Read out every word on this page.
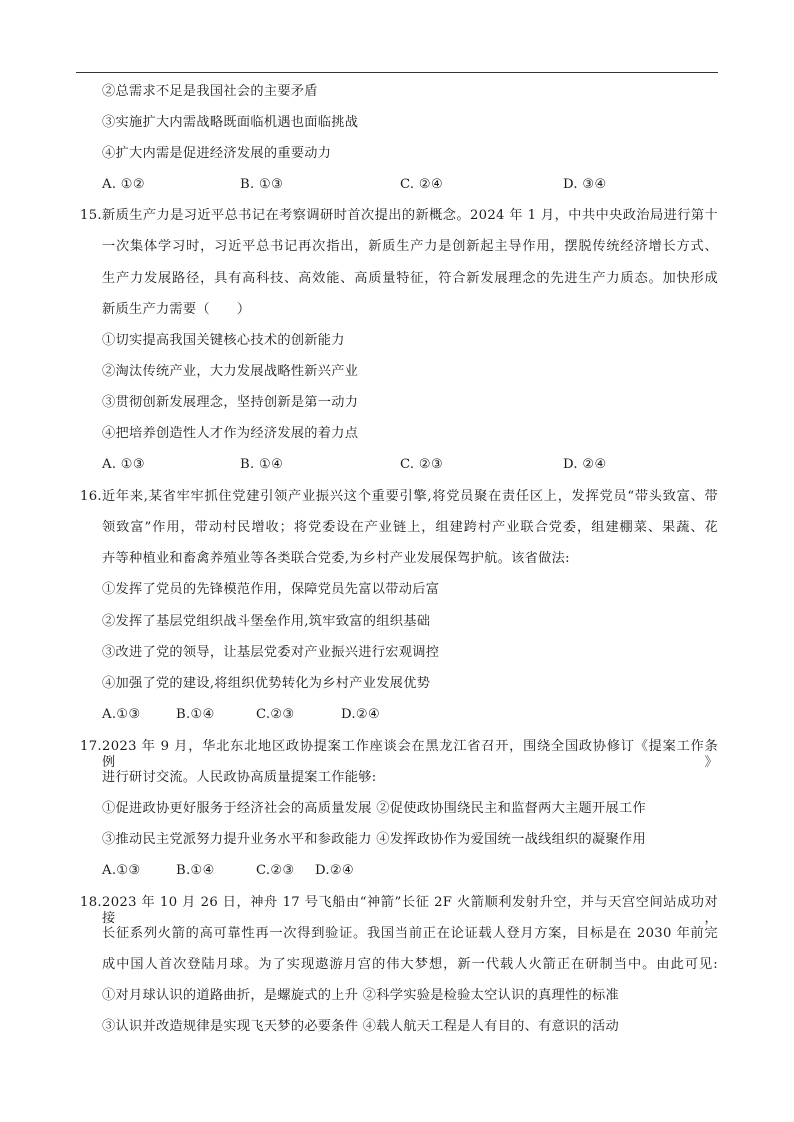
②总需求不足是我国社会的主要矛盾
③实施扩大内需战略既面临机遇也面临挑战
④扩大内需是促进经济发展的重要动力
A. ①②	B. ①③	C. ②④	D. ③④
15. 新质生产力是习近平总书记在考察调研时首次提出的新概念。2024 年 1 月，中共中央政治局进行第十
一次集体学习时，习近平总书记再次指出，新质生产力是创新起主导作用，摆脱传统经济增长方式、
生产力发展路径，具有高科技、高效能、高质量特征，符合新发展理念的先进生产力质态。加快形成
新质生产力需要（　　）
①切实提高我国关键核心技术的创新能力
②淘汰传统产业，大力发展战略性新兴产业
③贯彻创新发展理念，坚持创新是第一动力
④把培养创造性人才作为经济发展的着力点
A. ①③	B. ①④	C. ②③	D. ②④
16. 近年来,某省牢牢抓住党建引领产业振兴这个重要引擎,将党员聚在责任区上，发挥党员“带头致富、带
领致富”作用，带动村民增收；将党委设在产业链上，组建跨村产业联合党委，组建棚菜、果蔬、花
卉等种植业和畜禽养殖业等各类联合党委,为乡村产业发展保驾护航。该省做法:
①发挥了党员的先锋模范作用，保障党员先富以带动后富
②发挥了基层党组织战斗堡垒作用,筑牢致富的组织基础
③改进了党的领导，让基层党委对产业振兴进行宏观调控
④加强了党的建设,将组织优势转化为乡村产业发展优势
A.①③	B.①④	C.②③	D.②④
17. 2023 年 9 月，华北东北地区政协提案工作座谈会在黑龙江省召开，围绕全国政协修订《提案工作条例》
进行研讨交流。人民政协高质量提案工作能够:
①促进政协更好服务于经济社会的高质量发展 ②促使政协围绕民主和监督两大主题开展工作
③推动民主党派努力提升业务水平和参政能力 ④发挥政协作为爱国统一战线组织的凝聚作用
A.①③	B.①④	C.②③ D.②④
18. 2023 年 10 月 26 日，神舟 17 号飞船由“神箭”长征 2F 火箭顺利发射升空，并与天宫空间站成功对接，
长征系列火箭的高可靠性再一次得到验证。我国当前正在论证载人登月方案，目标是在 2030 年前完
成中国人首次登陆月球。为了实现遨游月宫的伟大梦想，新一代载人火箭正在研制当中。由此可见:
①对月球认识的道路曲折，是螺旋式的上升 ②科学实验是检验太空认识的真理性的标准
③认识并改造规律是实现飞天梦的必要条件 ④载人航天工程是人有目的、有意识的活动
